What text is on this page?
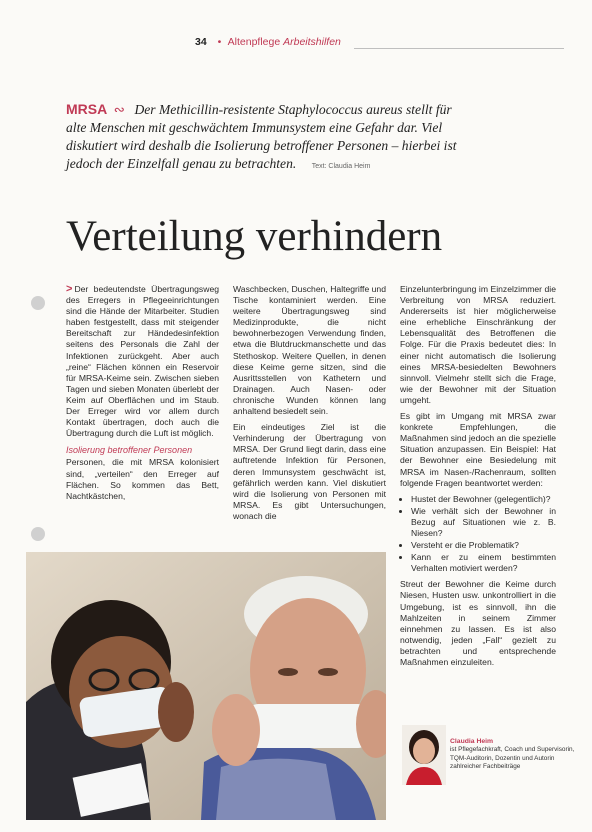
34 • Altenpflege Arbeitshilfen
MRSA ∾ Der Methicillin-resistente Staphylococcus aureus stellt für alte Menschen mit geschwächtem Immunsystem eine Gefahr dar. Viel diskutiert wird deshalb die Isolierung betroffener Personen – hierbei ist jedoch der Einzelfall genau zu betrachten. Text: Claudia Heim
Verteilung verhindern

> Der bedeutendste Übertragungsweg des Erregers in Pflegeeinrichtungen sind die Hände der Mitarbeiter. Studien haben festgestellt, dass mit steigender Bereitschaft zur Händedesinfektion seitens des Personals die Zahl der Infektionen zurückgeht. Aber auch „reine“ Flächen können ein Reservoir für MRSA-Keime sein. Zwischen sieben Tagen und sieben Monaten überlebt der Keim auf Oberflächen und im Staub. Der Erreger wird vor allem durch Kontakt übertragen, doch auch die Übertragung durch die Luft ist möglich.

Isolierung betroffener Personen

Personen, die mit MRSA kolonisiert sind, „verteilen“ den Erreger auf Flächen. So kommen das Bett, Nachtkästchen,

Waschbecken, Duschen, Haltegriffe und Tische kontaminiert werden. Eine weitere Übertragungsweg sind Medizinprodukte, die nicht bewohnerbezogen Verwendung finden, etwa die Blutdruckmanschette und das Stethoskop. Weitere Quellen, in denen diese Keime gerne sitzen, sind die Ausrittsstellen von Kathetern und Drainagen. Auch Nasen- oder chronische Wunden können lang anhaltend besiedelt sein.

Ein eindeutiges Ziel ist die Verhinderung der Übertragung von MRSA. Der Grund liegt darin, dass eine auftretende Infektion für Personen, deren Immunsystem geschwächt ist, gefährlich werden kann. Viel diskutiert wird die Isolierung von Personen mit MRSA. Es gibt Untersuchungen, wonach die

Einzelunterbringung im Einzelzimmer die Verbreitung von MRSA reduziert. Andererseits ist hier möglicherweise eine erhebliche Einschränkung der Lebensqualität des Betroffenen die Folge. Für die Praxis bedeutet dies: In einer nicht automatisch die Isolierung eines MRSA-besiedelten Bewohners sinnvoll. Vielmehr stellt sich die Frage, wie der Bewohner mit der Situation umgeht.

Es gibt im Umgang mit MRSA zwar konkrete Empfehlungen, die Maßnahmen sind jedoch an die spezielle Situation anzupassen. Ein Beispiel: Hat der Bewohner eine Besiedelung mit MRSA im Nasen-/Rachenraum, sollten folgende Fragen beantwortet werden:

• Hustet der Bewohner (gelegentlich)?
• Wie verhält sich der Bewohner in Bezug auf Situationen wie z. B. Niesen?
• Versteht er die Problematik?
• Kann er zu einem bestimmten Verhalten motiviert werden?

Streut der Bewohner die Keime durch Niesen, Husten usw. unkontrolliert in die Umgebung, ist es sinnvoll, ihn die Mahlzeiten in seinem Zimmer einnehmen zu lassen. Es ist also notwendig, jeden „Fall“ gezielt zu betrachten und entsprechende Maßnahmen einzuleiten.

Claudia Heim
ist Pflegefachkraft, Coach und Supervisorin, TQM-Auditorin, Dozentin und Autorin zahlreicher Fachbeiträge
